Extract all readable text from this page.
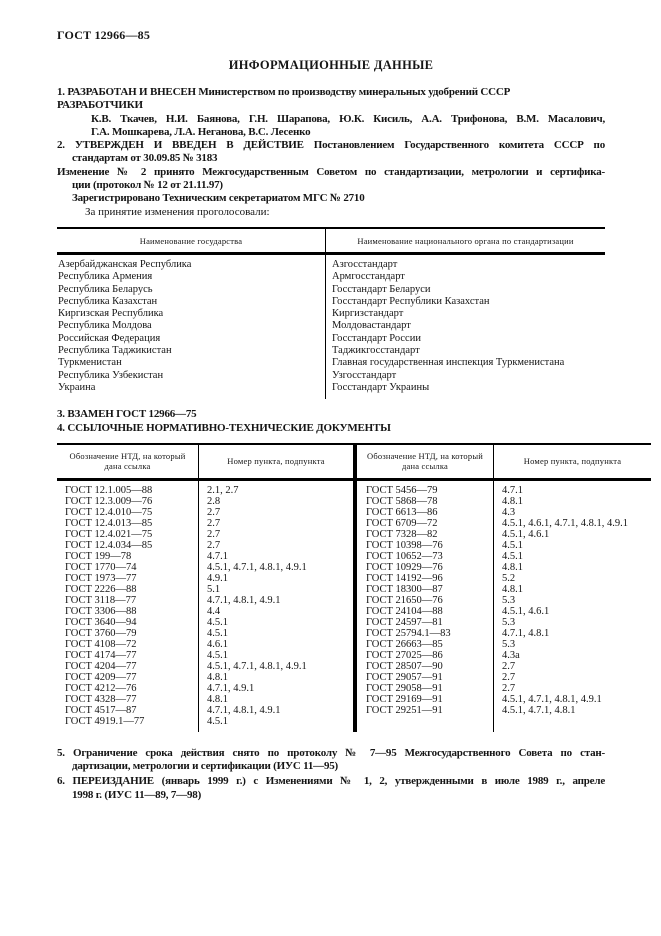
ГОСТ 12966—85
ИНФОРМАЦИОННЫЕ ДАННЫЕ
1. РАЗРАБОТАН И ВНЕСЕН Министерством по производству минеральных удобрений СССР
РАЗРАБОТЧИКИ
К.В. Ткачев, Н.И. Баянова, Г.Н. Шарапова, Ю.К. Кисиль, А.А. Трифонова, В.М. Масалович,
Г.А. Мошкарева, Л.А. Неганова, В.С. Лесенко
2. УТВЕРЖДЕН И ВВЕДЕН В ДЕЙСТВИЕ Постановлением Государственного комитета СССР по
стандартам от 30.09.85 № 3183
Изменение № 2 принято Межгосударственным Советом по стандартизации, метрологии и сертифика-
ции (протокол № 12 от 21.11.97)
Зарегистрировано Техническим секретариатом МГС № 2710
За принятие изменения проголосовали:
Наименование государства	Наименование национального органа по стандартизации
Азербайджанская Республика	Азгосстандарт
Республика Армения	Армгосстандарт
Республика Беларусь	Госстандарт Беларуси
Республика Казахстан	Госстандарт Республики Казахстан
Киргизская Республика	Киргизстандарт
Республика Молдова	Молдовастандарт
Российская Федерация	Госстандарт России
Республика Таджикистан	Таджикгосстандарт
Туркменистан	Главная государственная инспекция Туркменистана
Республика Узбекистан	Узгосстандарт
Украина	Госстандарт Украины

3. ВЗАМЕН ГОСТ 12966—75
4. ССЫЛОЧНЫЕ НОРМАТИВНО-ТЕХНИЧЕСКИЕ ДОКУМЕНТЫ
Обозначение НТД, на который дана ссылка	Номер пункта, подпункта	Обозначение НТД, на который дана ссылка	Номер пункта, подпункта
ГОСТ 12.1.005—88	2.1, 2.7	ГОСТ 5456—79	4.7.1
ГОСТ 12.3.009—76	2.8	ГОСТ 5868—78	4.8.1
ГОСТ 12.4.010—75	2.7	ГОСТ 6613—86	4.3
ГОСТ 12.4.013—85	2.7	ГОСТ 6709—72	4.5.1, 4.6.1, 4.7.1, 4.8.1, 4.9.1
ГОСТ 12.4.021—75	2.7	ГОСТ 7328—82	4.5.1, 4.6.1
ГОСТ 12.4.034—85	2.7	ГОСТ 10398—76	4.5.1
ГОСТ 199—78	4.7.1	ГОСТ 10652—73	4.5.1
ГОСТ 1770—74	4.5.1, 4.7.1, 4.8.1, 4.9.1	ГОСТ 10929—76	4.8.1
ГОСТ 1973—77	4.9.1	ГОСТ 14192—96	5.2
ГОСТ 2226—88	5.1	ГОСТ 18300—87	4.8.1
ГОСТ 3118—77	4.7.1, 4.8.1, 4.9.1	ГОСТ 21650—76	5.3
ГОСТ 3306—88	4.4	ГОСТ 24104—88	4.5.1, 4.6.1
ГОСТ 3640—94	4.5.1	ГОСТ 24597—81	5.3
ГОСТ 3760—79	4.5.1	ГОСТ 25794.1—83	4.7.1, 4.8.1
ГОСТ 4108—72	4.6.1	ГОСТ 26663—85	5.3
ГОСТ 4174—77	4.5.1	ГОСТ 27025—86	4.3а
ГОСТ 4204—77	4.5.1, 4.7.1, 4.8.1, 4.9.1	ГОСТ 28507—90	2.7
ГОСТ 4209—77	4.8.1	ГОСТ 29057—91	2.7
ГОСТ 4212—76	4.7.1, 4.9.1	ГОСТ 29058—91	2.7
ГОСТ 4328—77	4.8.1	ГОСТ 29169—91	4.5.1, 4.7.1, 4.8.1, 4.9.1
ГОСТ 4517—87	4.7.1, 4.8.1, 4.9.1	ГОСТ 29251—91	4.5.1, 4.7.1, 4.8.1
ГОСТ 4919.1—77	4.5.1		

5. Ограничение срока действия снято по протоколу № 7—95 Межгосударственного Совета по стан-
дартизации, метрологии и сертификации (ИУС 11—95)
6. ПЕРЕИЗДАНИЕ (январь 1999 г.) с Изменениями № 1, 2, утвержденными в июле 1989 г., апреле
1998 г. (ИУС 11—89, 7—98)
